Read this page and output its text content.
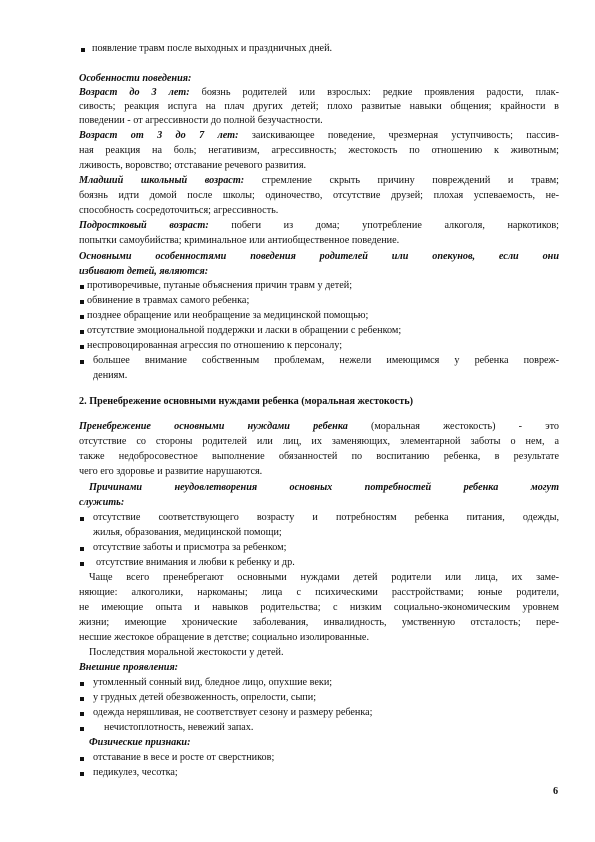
появление травм после выходных и праздничных дней.
Особенности поведения:
Возраст до 3 лет: боязнь родителей или взрослых: редкие проявления радости, плак-
сивость; реакция испуга на плач других детей; плохо развитые навыки общения; крайности в
поведении - от агрессивности до полной безучастности.
Возраст от 3 до 7 лет: заискивающее поведение, чрезмерная уступчивость; пассив-
ная реакция на боль; негативизм, агрессивность; жестокость по отношению к животным;
лживость, воровство; отставание речевого развития.
Младший школьный возраст: стремление скрыть причину повреждений и травм;
боязнь идти домой после школы; одиночество, отсутствие друзей; плохая успеваемость, не-
способность сосредоточиться; агрессивность.
Подростковый возраст: побеги из дома; употребление алкоголя, наркотиков;
попытки самоубийства; криминальное или антиобщественное поведение.
Основными особенностями поведения родителей или опекунов, если они
избивают детей, являются:
противоречивые, путаные объяснения причин травм у детей;
обвинение в травмах самого ребенка;
позднее обращение или необращение за медицинской помощью;
отсутствие эмоциональной поддержки и ласки в обращении с ребенком;
неспровоцированная агрессия по отношению к персоналу;
большее внимание собственным проблемам, нежели имеющимся у ребенка повреж-
дениям.
2. Пренебрежение основными нуждами ребенка (моральная жестокость)
Пренебрежение основными нуждами ребенка (моральная жестокость) - это
отсутствие со стороны родителей или лиц, их заменяющих, элементарной заботы о нем, а
также недобросовестное выполнение обязанностей по воспитанию ребенка, в результате
чего его здоровье и развитие нарушаются.
Причинами неудовлетворения основных потребностей ребенка могут
служить:
отсутствие соответствующего возрасту и потребностям ребенка питания, одежды,
жилья, образования, медицинской помощи;
отсутствие заботы и присмотра за ребенком;
отсутствие внимания и любви к ребенку и др.
Чаще всего пренебрегают основными нуждами детей родители или лица, их заме-
няющие: алкоголики, наркоманы; лица с психическими расстройствами; юные родители,
не имеющие опыта и навыков родительства; с низким социально-экономическим уровнем
жизни; имеющие хронические заболевания, инвалидность, умственную отсталость; пере-
несшие жестокое обращение в детстве; социально изолированные.
Последствия моральной жестокости у детей.
Внешние проявления:
утомленный сонный вид, бледное лицо, опухшие веки;
у грудных детей обезвоженность, опрелости, сыпи;
одежда неряшливая, не соответствует сезону и размеру ребенка;
нечистоплотность, невежий запах.
Физические признаки:
отставание в весе и росте от сверстников;
педикулез, чесотка;
6
